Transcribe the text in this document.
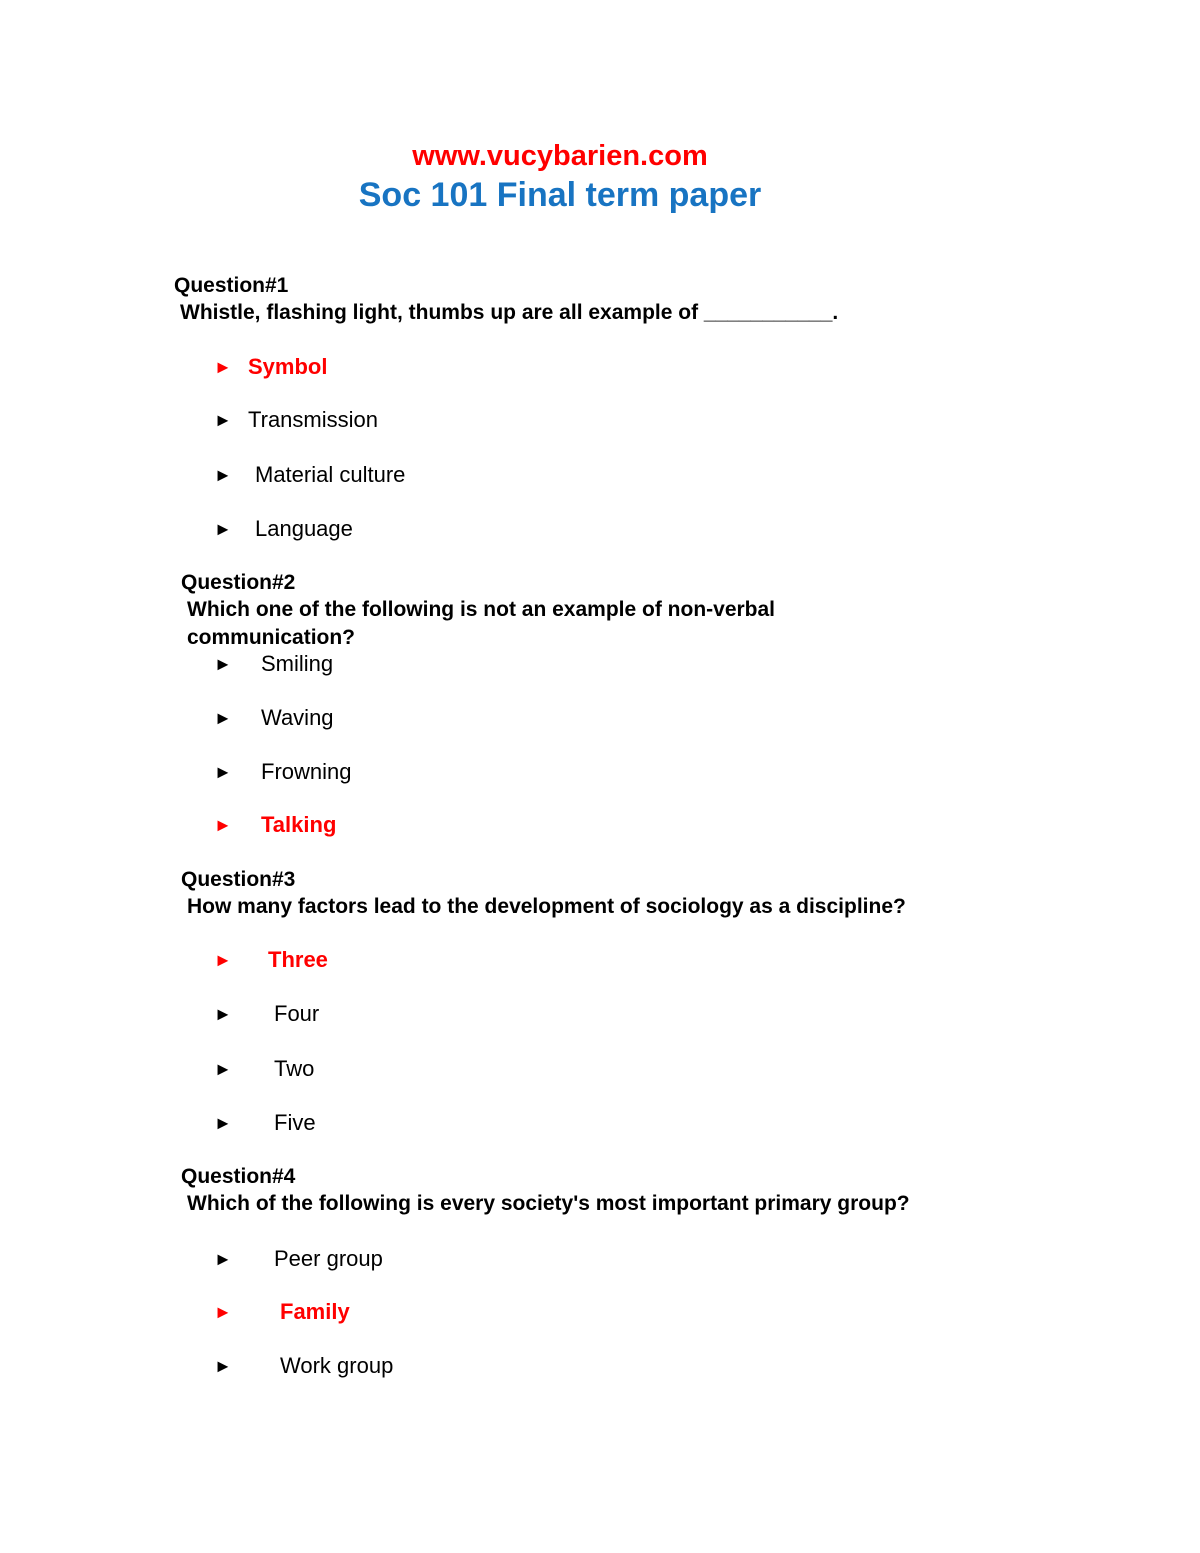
www.vucybarien.com
Soc 101 Final term paper
Question#1
Whistle, flashing light, thumbs up are all example of ___________.
► Symbol
► Transmission
► Material culture
► Language
Question#2
Which one of the following is not an example of non-verbal communication?
► Smiling
► Waving
► Frowning
► Talking
Question#3
How many factors lead to the development of sociology as a discipline?
► Three
► Four
► Two
► Five
Question#4
Which of the following is every society's most important primary group?
► Peer group
► Family
► Work group
